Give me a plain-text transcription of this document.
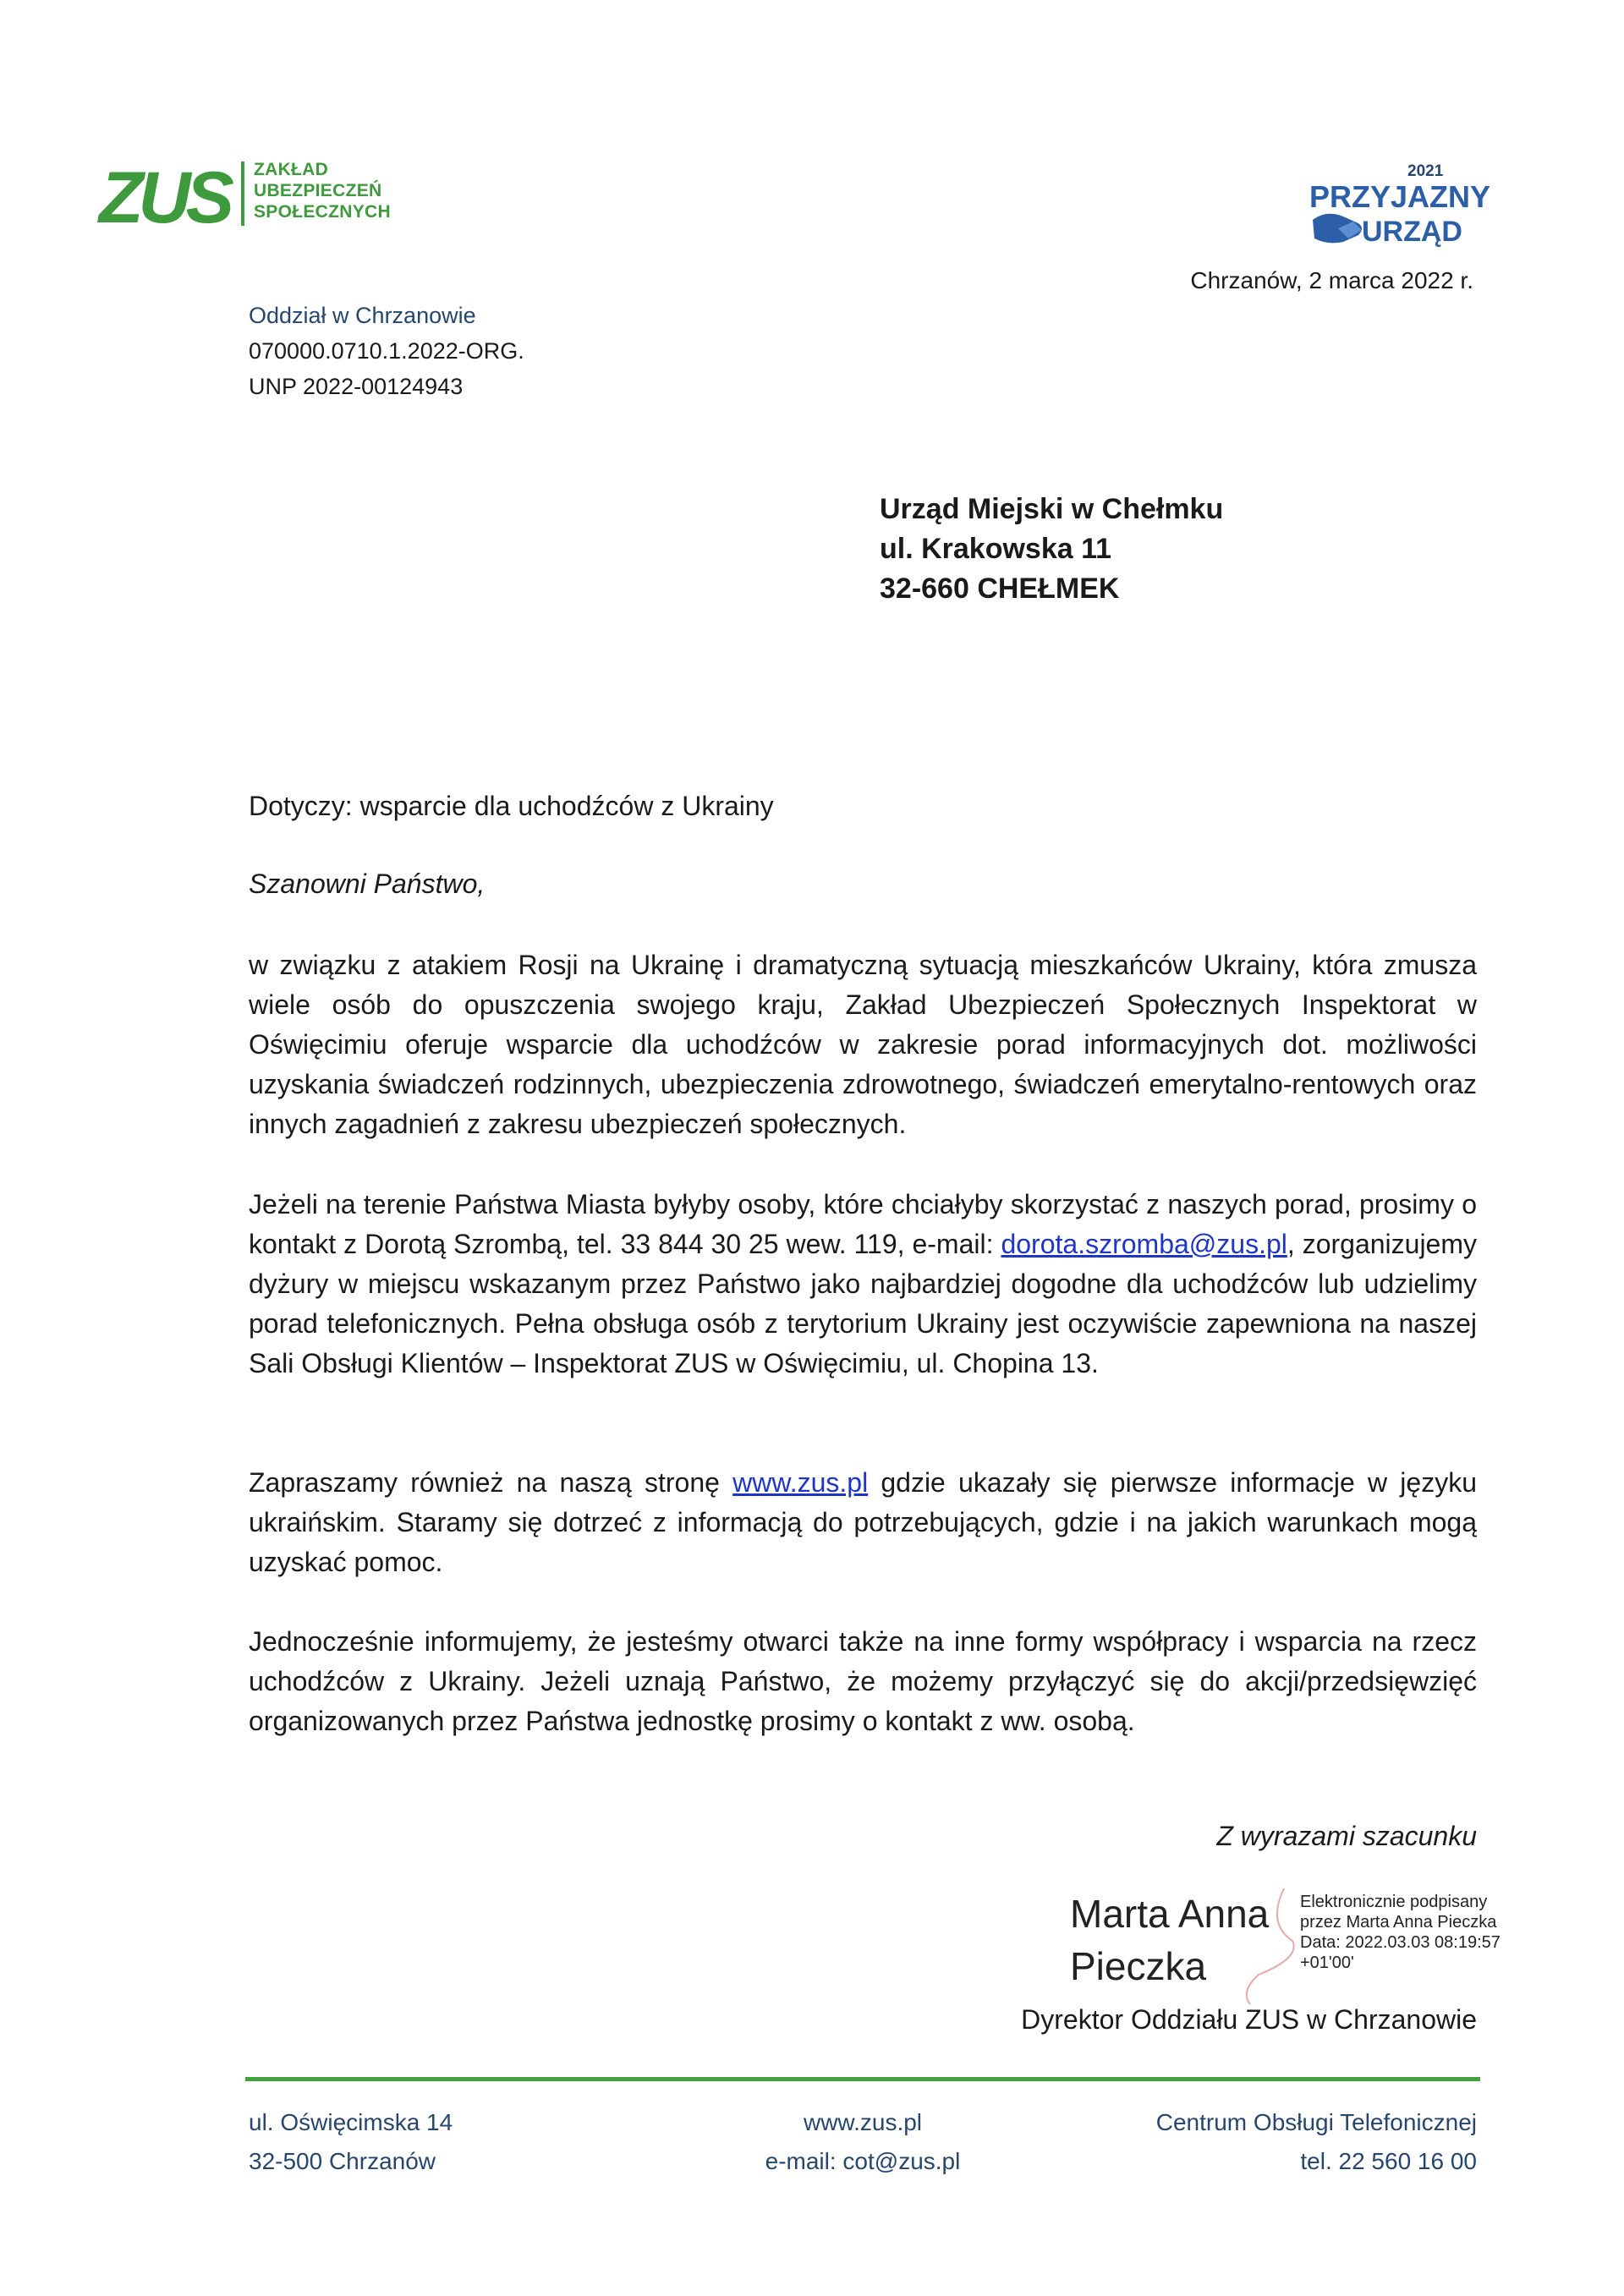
ZUS ZAKŁAD
UBEZPIECZEŃ
SPOŁECZNYCH
2021
PRZYJAZNY
URZĄD
Chrzanów, 2 marca 2022 r.
Oddział w Chrzanowie
070000.0710.1.2022-ORG.
UNP 2022-00124943
Urząd Miejski w Chełmku
ul. Krakowska 11
32-660 CHEŁMEK
Dotyczy: wsparcie dla uchodźców z Ukrainy
Szanowni Państwo,
w związku z atakiem Rosji na Ukrainę i dramatyczną sytuacją mieszkańców Ukrainy, która zmusza wiele osób do opuszczenia swojego kraju, Zakład Ubezpieczeń Społecznych Inspektorat w Oświęcimiu oferuje wsparcie dla uchodźców w zakresie porad informacyjnych dot. możliwości uzyskania świadczeń rodzinnych, ubezpieczenia zdrowotnego, świadczeń emerytalno-rentowych oraz innych zagadnień z zakresu ubezpieczeń społecznych.
Jeżeli na terenie Państwa Miasta byłyby osoby, które chciałyby skorzystać z naszych porad, prosimy o kontakt z Dorotą Szrombą, tel. 33 844 30 25 wew. 119, e-mail: dorota.szromba@zus.pl, zorganizujemy dyżury w miejscu wskazanym przez Państwo jako najbardziej dogodne dla uchodźców lub udzielimy porad telefonicznych. Pełna obsługa osób z terytorium Ukrainy jest oczywiście zapewniona na naszej Sali Obsługi Klientów – Inspektorat ZUS w Oświęcimiu, ul. Chopina 13.
Zapraszamy również na naszą stronę www.zus.pl gdzie ukazały się pierwsze informacje w języku ukraińskim. Staramy się dotrzeć z informacją do potrzebujących, gdzie i na jakich warunkach mogą uzyskać pomoc.
Jednocześnie informujemy, że jesteśmy otwarci także na inne formy współpracy i wsparcia na rzecz uchodźców z Ukrainy. Jeżeli uznają Państwo, że możemy przyłączyć się do akcji/przedsięwzięć organizowanych przez Państwa jednostkę prosimy o kontakt z ww. osobą.
Z wyrazami szacunku
Marta Anna
Pieczka
Elektronicznie podpisany
przez Marta Anna Pieczka
Data: 2022.03.03 08:19:57
+01'00'
Dyrektor Oddziału ZUS w Chrzanowie
ul. Oświęcimska 14
32-500 Chrzanów
www.zus.pl
e-mail: cot@zus.pl
Centrum Obsługi Telefonicznej
tel. 22 560 16 00
